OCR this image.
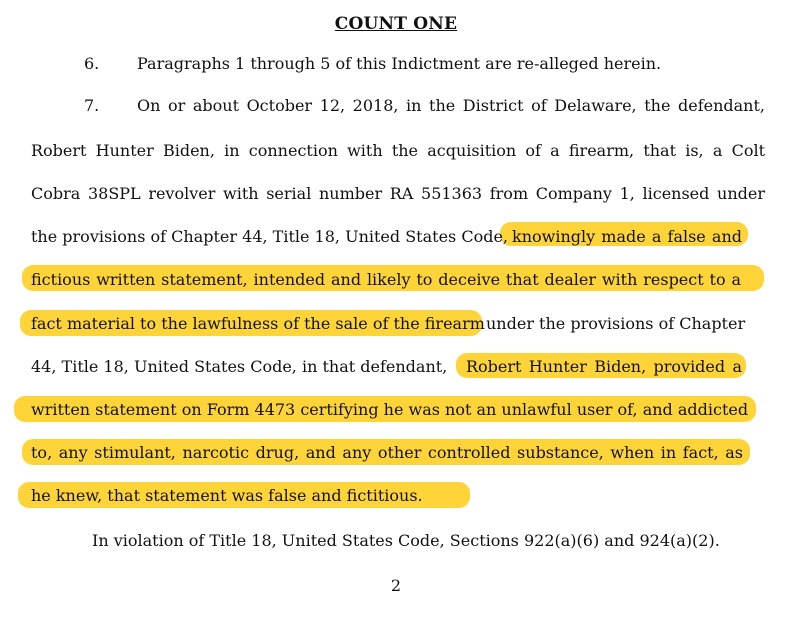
COUNT ONE
6. Paragraphs 1 through 5 of this Indictment are re-alleged herein.
7. On or about October 12, 2018, in the District of Delaware, the defendant,
Robert Hunter Biden, in connection with the acquisition of a firearm, that is, a Colt
Cobra 38SPL revolver with serial number RA 551363 from Company 1, licensed under
the provisions of Chapter 44, Title 18, United States Code, knowingly made a false and
fictious written statement, intended and likely to deceive that dealer with respect to a
fact material to the lawfulness of the sale of the firearm under the provisions of Chapter
44, Title 18, United States Code, in that defendant, Robert Hunter Biden, provided a
written statement on Form 4473 certifying he was not an unlawful user of, and addicted
to, any stimulant, narcotic drug, and any other controlled substance, when in fact, as
he knew, that statement was false and fictitious.
In violation of Title 18, United States Code, Sections 922(a)(6) and 924(a)(2).
2
